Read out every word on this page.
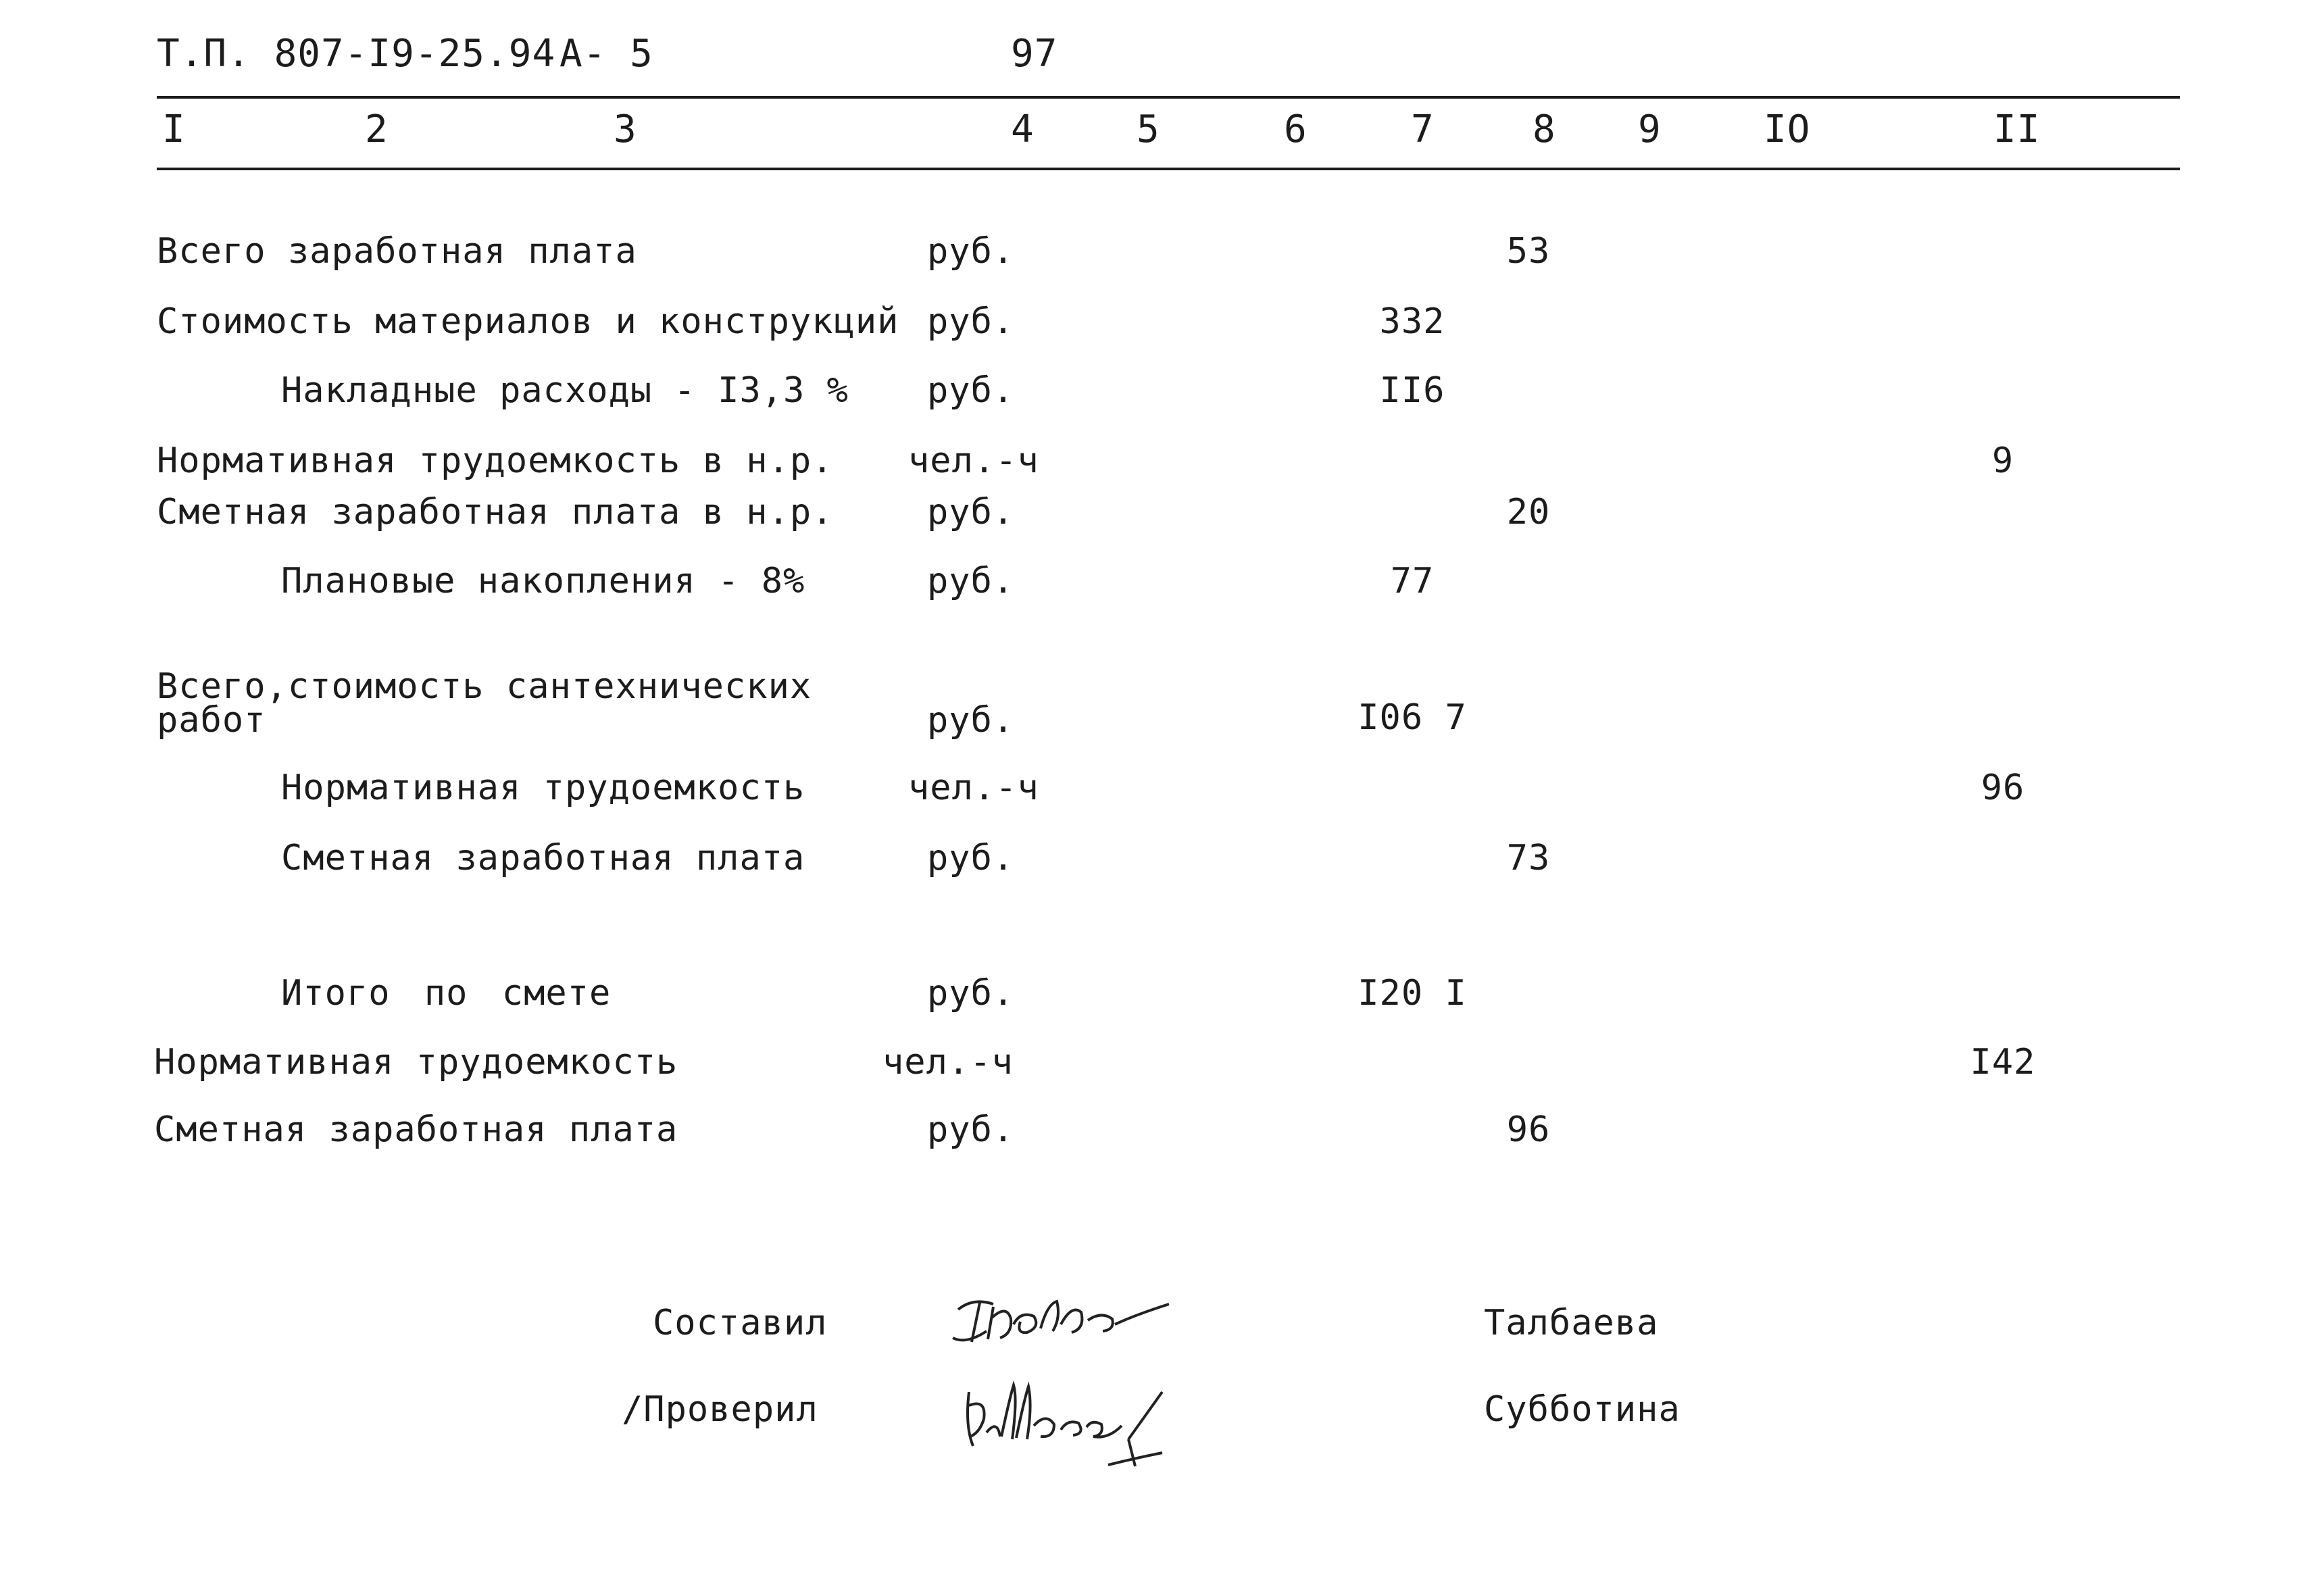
Т.П. 807-I9-25.94 А- 5	97
I	2	3	4	5	6	7	8 9	IO	II
Всего заработная плата	руб.	53
Стоимость материалов и конструкций руб.	332
Накладные расходы - I3,3 % руб.	II6
Нормативная трудоемкость в н.р. чел.-ч	9
Сметная заработная плата в н.р.	руб.	20
Плановые накопления - 8%	руб.	77
Всего,стоимость сантехнических
работ	руб.	I06 7
Нормативная трудоемкость	чел.-ч	96
Сметная заработная плата	руб.	73
Итого по смете	руб.	I20 I
Нормативная трудоемкость	чел.-ч	I42
Сметная заработная плата	руб.	96
Составил	Талбаева
/Проверил	Субботина
